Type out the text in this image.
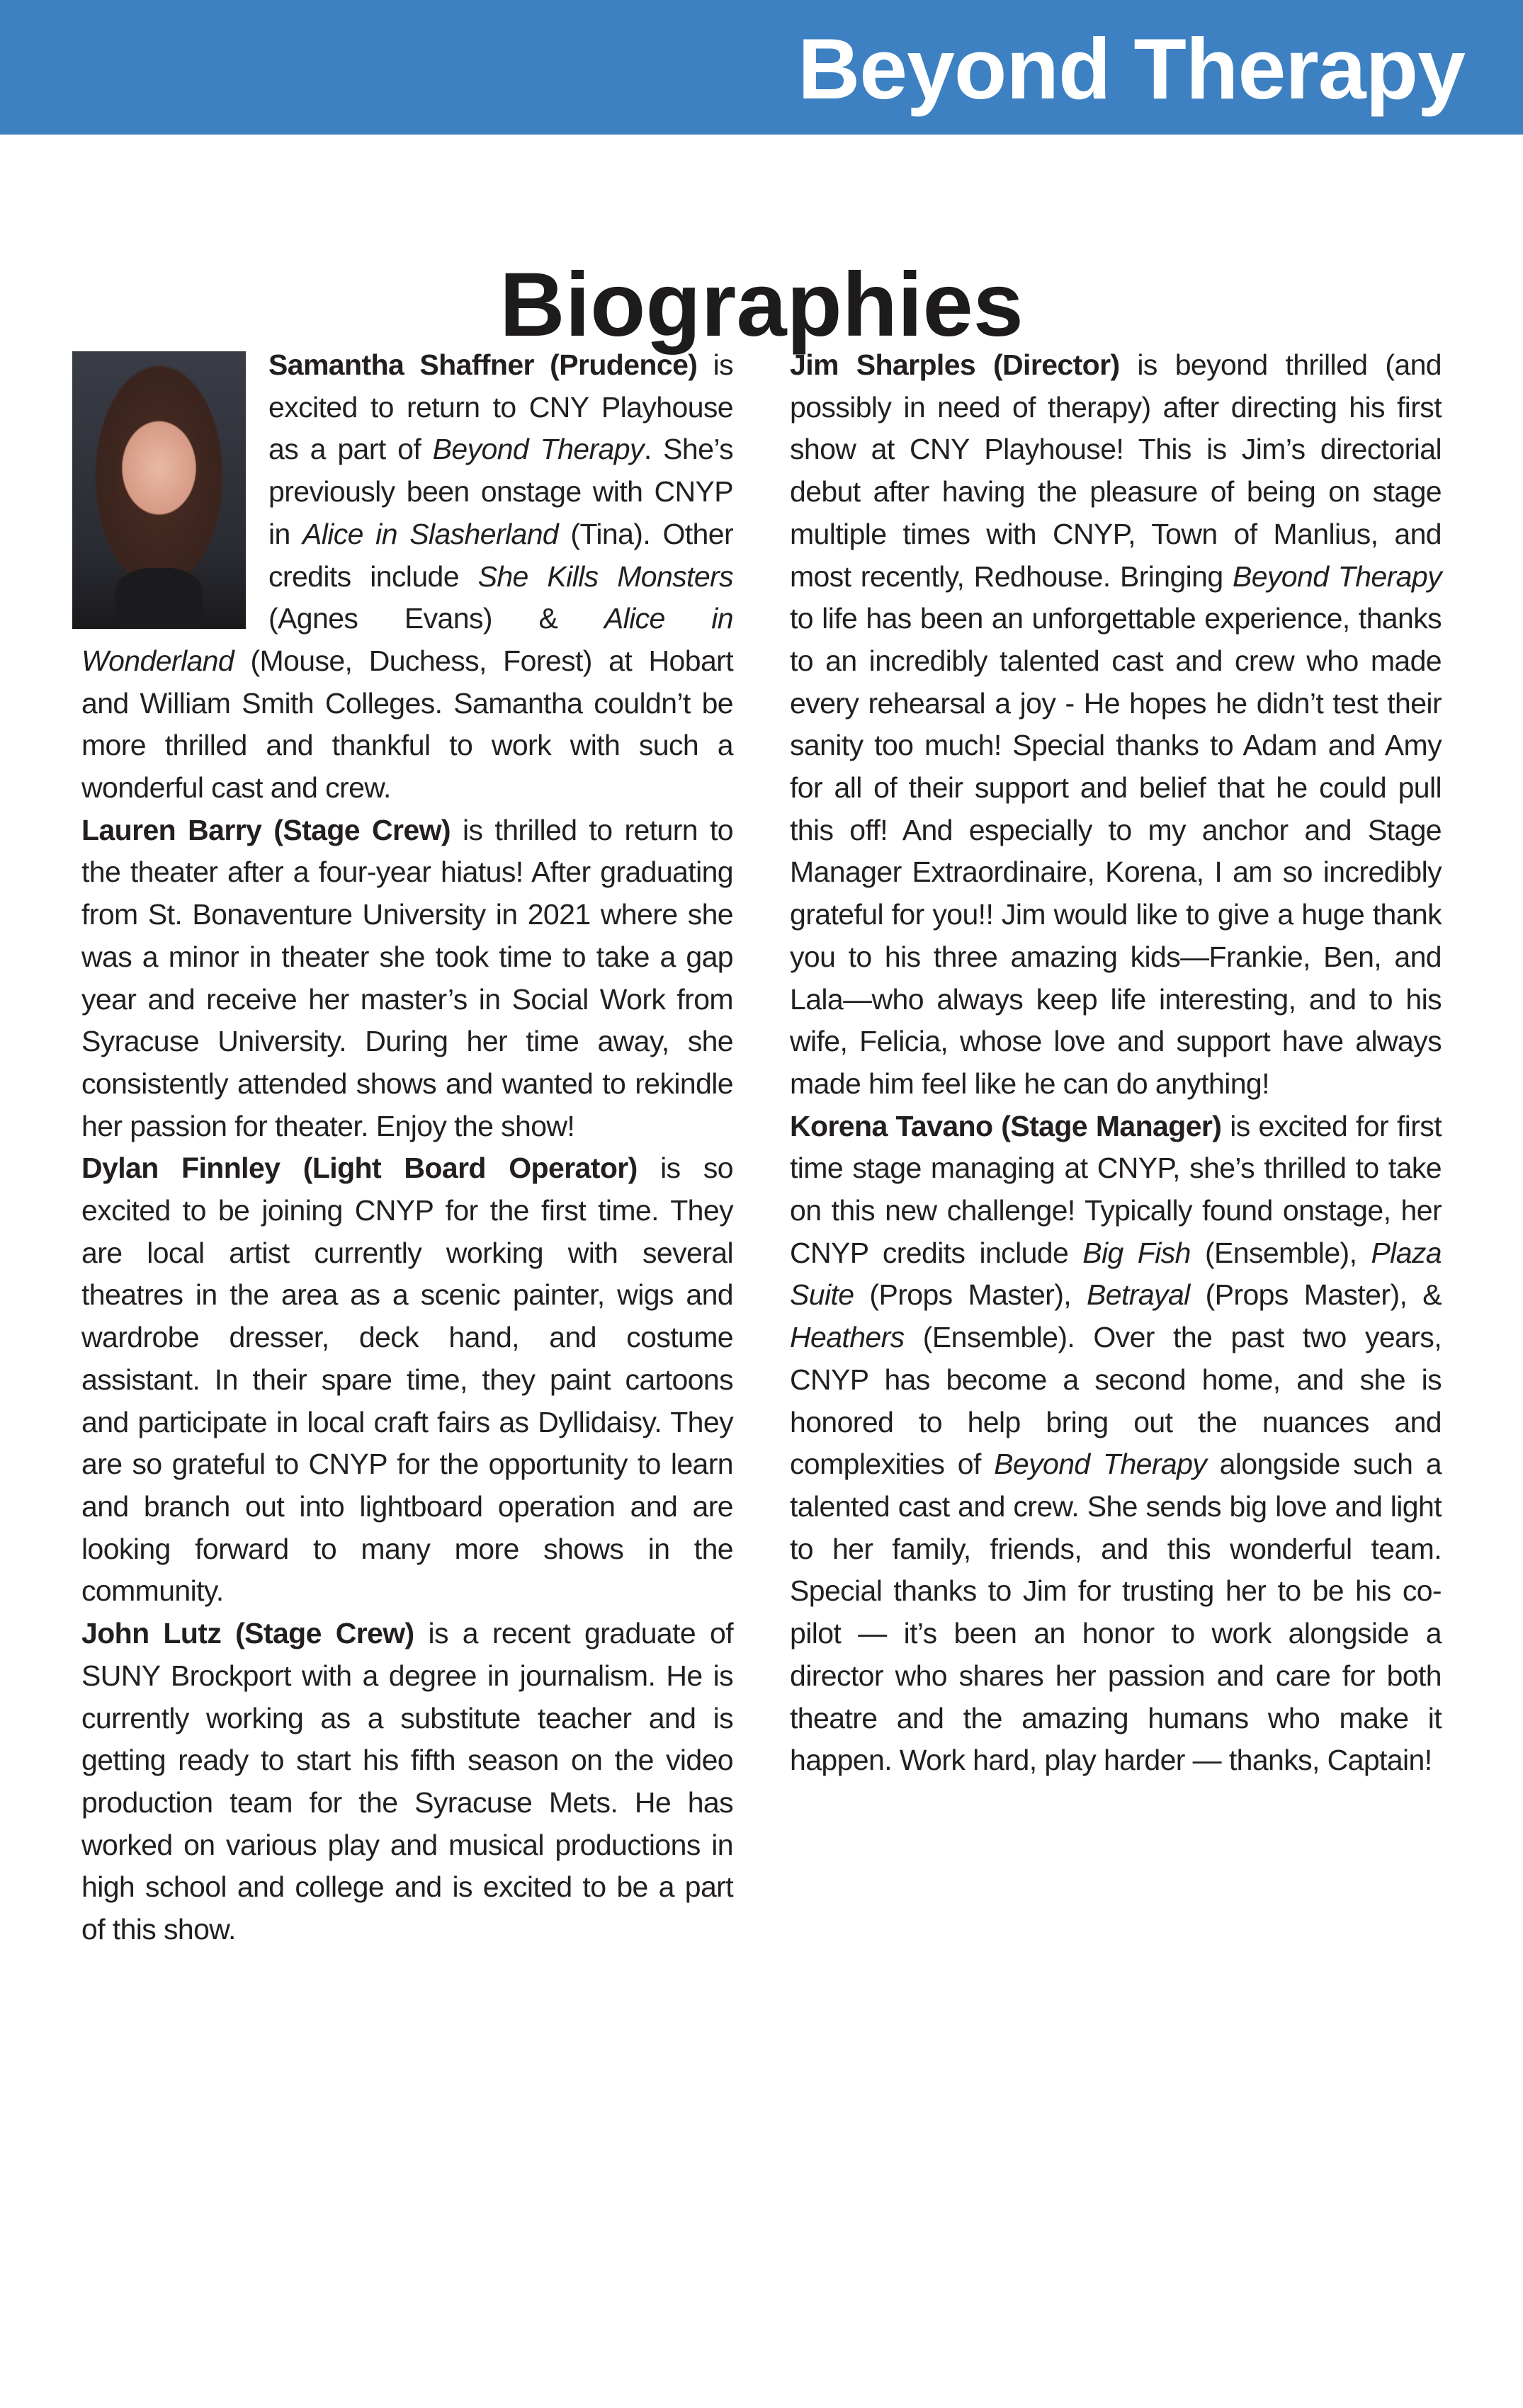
Beyond Therapy
Biographies

Samantha Shaffner (Prudence) is excited to return to CNY Playhouse as a part of Beyond Therapy. She’s previously been onstage with CNYP in Alice in Slasherland (Tina). Other credits include She Kills Monsters (Agnes Evans) & Alice in Wonderland (Mouse, Duchess, Forest) at Hobart and William Smith Colleges. Samantha couldn’t be more thrilled and thankful to work with such a wonderful cast and crew.

Lauren Barry (Stage Crew) is thrilled to return to the theater after a four-year hiatus! After graduating from St. Bonaventure University in 2021 where she was a minor in theater she took time to take a gap year and receive her master’s in Social Work from Syracuse University. During her time away, she consistently attended shows and wanted to rekindle her passion for theater. Enjoy the show!

Dylan Finnley (Light Board Operator) is so excited to be joining CNYP for the first time. They are local artist currently working with several theatres in the area as a scenic painter, wigs and wardrobe dresser, deck hand, and costume assistant. In their spare time, they paint cartoons and participate in local craft fairs as Dyllidaisy. They are so grateful to CNYP for the opportunity to learn and branch out into lightboard operation and are looking forward to many more shows in the community.

John Lutz (Stage Crew) is a recent graduate of SUNY Brockport with a degree in journalism. He is currently working as a substitute teacher and is getting ready to start his fifth season on the video production team for the Syracuse Mets. He has worked on various play and musical productions in high school and college and is excited to be a part of this show.

Jim Sharples (Director) is beyond thrilled (and possibly in need of therapy) after directing his first show at CNY Playhouse! This is Jim’s directorial debut after having the pleasure of being on stage multiple times with CNYP, Town of Manlius, and most recently, Redhouse. Bringing Beyond Therapy to life has been an unforgettable experience, thanks to an incredibly talented cast and crew who made every rehearsal a joy - He hopes he didn’t test their sanity too much! Special thanks to Adam and Amy for all of their support and belief that he could pull this off! And especially to my anchor and Stage Manager Extraordinaire, Korena, I am so incredibly grateful for you!! Jim would like to give a huge thank you to his three amazing kids—Frankie, Ben, and Lala—who always keep life interesting, and to his wife, Felicia, whose love and support have always made him feel like he can do anything!

Korena Tavano (Stage Manager) is excited for first time stage managing at CNYP, she’s thrilled to take on this new challenge! Typically found onstage, her CNYP credits include Big Fish (Ensemble), Plaza Suite (Props Master), Betrayal (Props Master), & Heathers (Ensemble). Over the past two years, CNYP has become a second home, and she is honored to help bring out the nuances and complexities of Beyond Therapy alongside such a talented cast and crew. She sends big love and light to her family, friends, and this wonderful team. Special thanks to Jim for trusting her to be his co-pilot — it’s been an honor to work alongside a director who shares her passion and care for both theatre and the amazing humans who make it happen. Work hard, play harder — thanks, Captain!
